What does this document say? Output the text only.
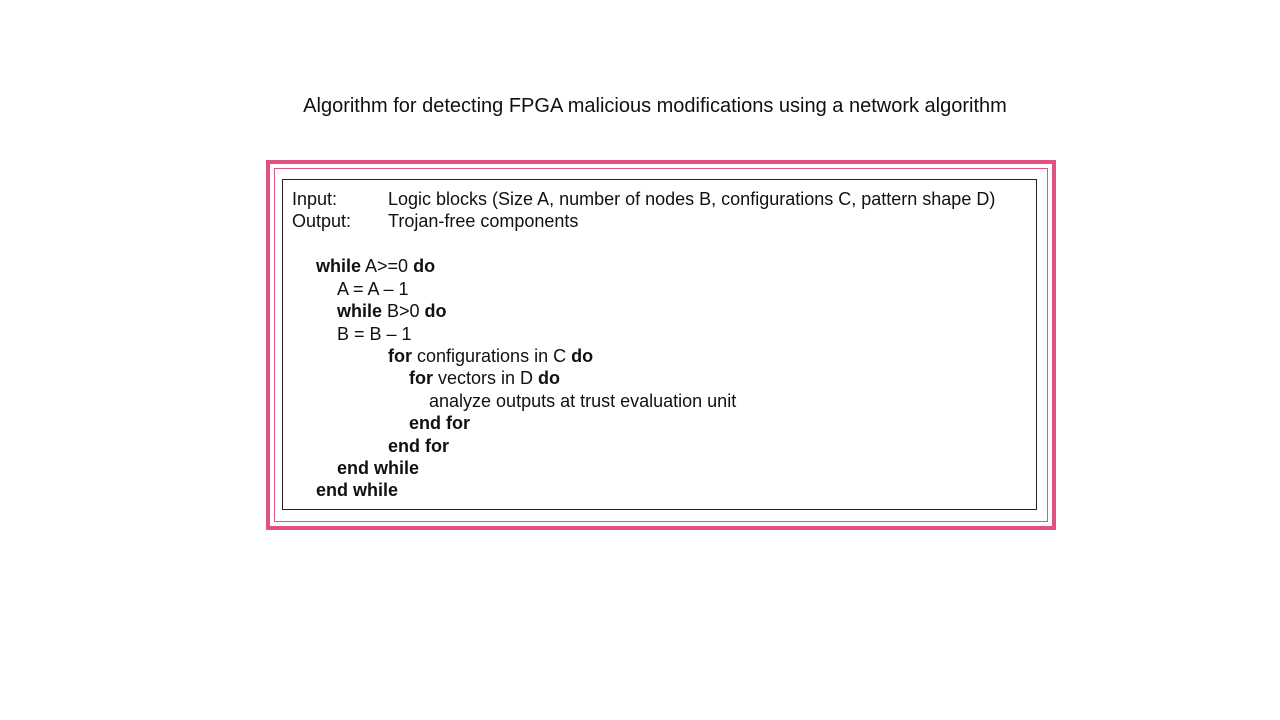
Algorithm for detecting FPGA malicious modifications using a network algorithm
Input:	Logic blocks (Size A, number of nodes B, configurations C, pattern shape D)
Output: Trojan-free components
while A>=0 do
A = A – 1
while B>0 do
B = B – 1
for configurations in C do
for vectors in D do
analyze outputs at trust evaluation unit
end for
end for
end while
end while
